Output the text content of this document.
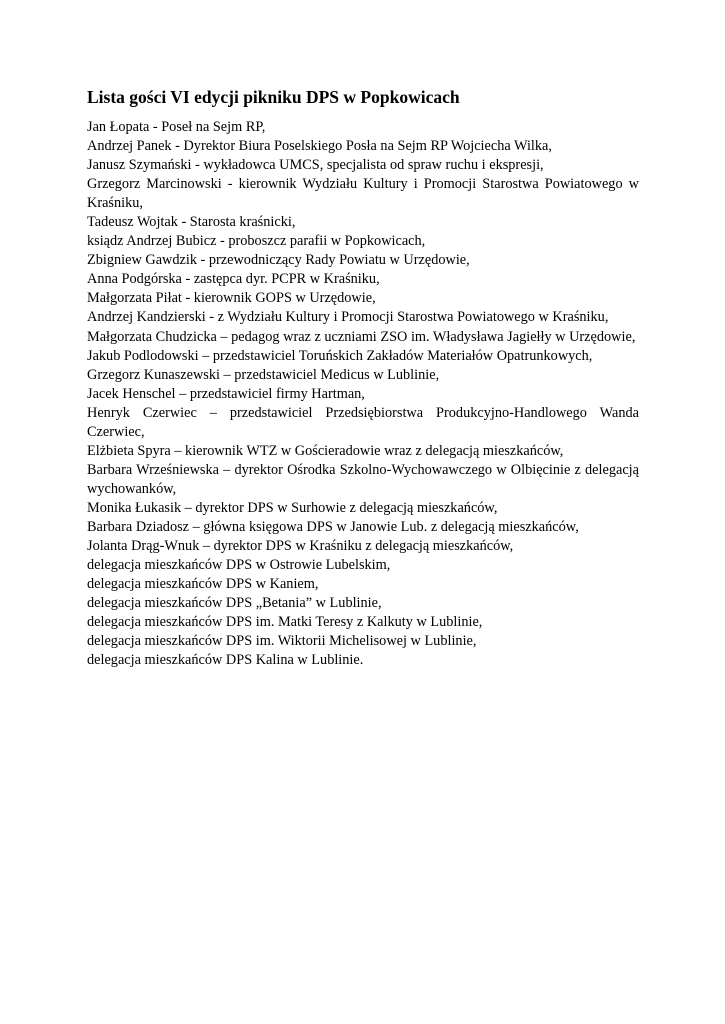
Lista gości VI edycji pikniku DPS w Popkowicach
Jan Łopata - Poseł na Sejm RP,
Andrzej Panek - Dyrektor Biura Poselskiego Posła na Sejm RP Wojciecha Wilka,
Janusz Szymański - wykładowca UMCS, specjalista od spraw ruchu i ekspresji,
Grzegorz Marcinowski - kierownik Wydziału Kultury i Promocji Starostwa Powiatowego w Kraśniku,
Tadeusz Wojtak - Starosta kraśnicki,
ksiądz Andrzej Bubicz - proboszcz parafii w Popkowicach,
Zbigniew Gawdzik - przewodniczący Rady Powiatu w Urzędowie,
Anna Podgórska - zastępca dyr. PCPR w Kraśniku,
Małgorzata Piłat - kierownik GOPS w Urzędowie,
Andrzej Kandzierski - z Wydziału Kultury i Promocji Starostwa Powiatowego w Kraśniku,
Małgorzata Chudzicka – pedagog wraz z uczniami ZSO im. Władysława Jagiełły w Urzędowie,
Jakub Podlodowski – przedstawiciel Toruńskich Zakładów Materiałów Opatrunkowych,
Grzegorz Kunaszewski – przedstawiciel Medicus w Lublinie,
Jacek Henschel – przedstawiciel firmy Hartman,
Henryk Czerwiec – przedstawiciel Przedsiębiorstwa Produkcyjno-Handlowego Wanda Czerwiec,
Elżbieta Spyra – kierownik WTZ w Gościeradowie wraz z delegacją mieszkańców,
Barbara Wrześniewska – dyrektor Ośrodka Szkolno-Wychowawczego w Olbięcinie z delegacją wychowanków,
Monika Łukasik – dyrektor DPS w Surhowie z delegacją mieszkańców,
Barbara Dziadosz – główna księgowa DPS w Janowie Lub. z delegacją mieszkańców,
Jolanta Drąg-Wnuk – dyrektor DPS w Kraśniku z delegacją mieszkańców,
delegacja mieszkańców DPS w Ostrowie Lubelskim,
delegacja mieszkańców DPS w Kaniem,
delegacja mieszkańców DPS „Betania” w Lublinie,
delegacja mieszkańców DPS im. Matki Teresy z Kalkuty w Lublinie,
delegacja mieszkańców DPS im. Wiktorii Michelisowej w Lublinie,
delegacja mieszkańców DPS Kalina w Lublinie.
